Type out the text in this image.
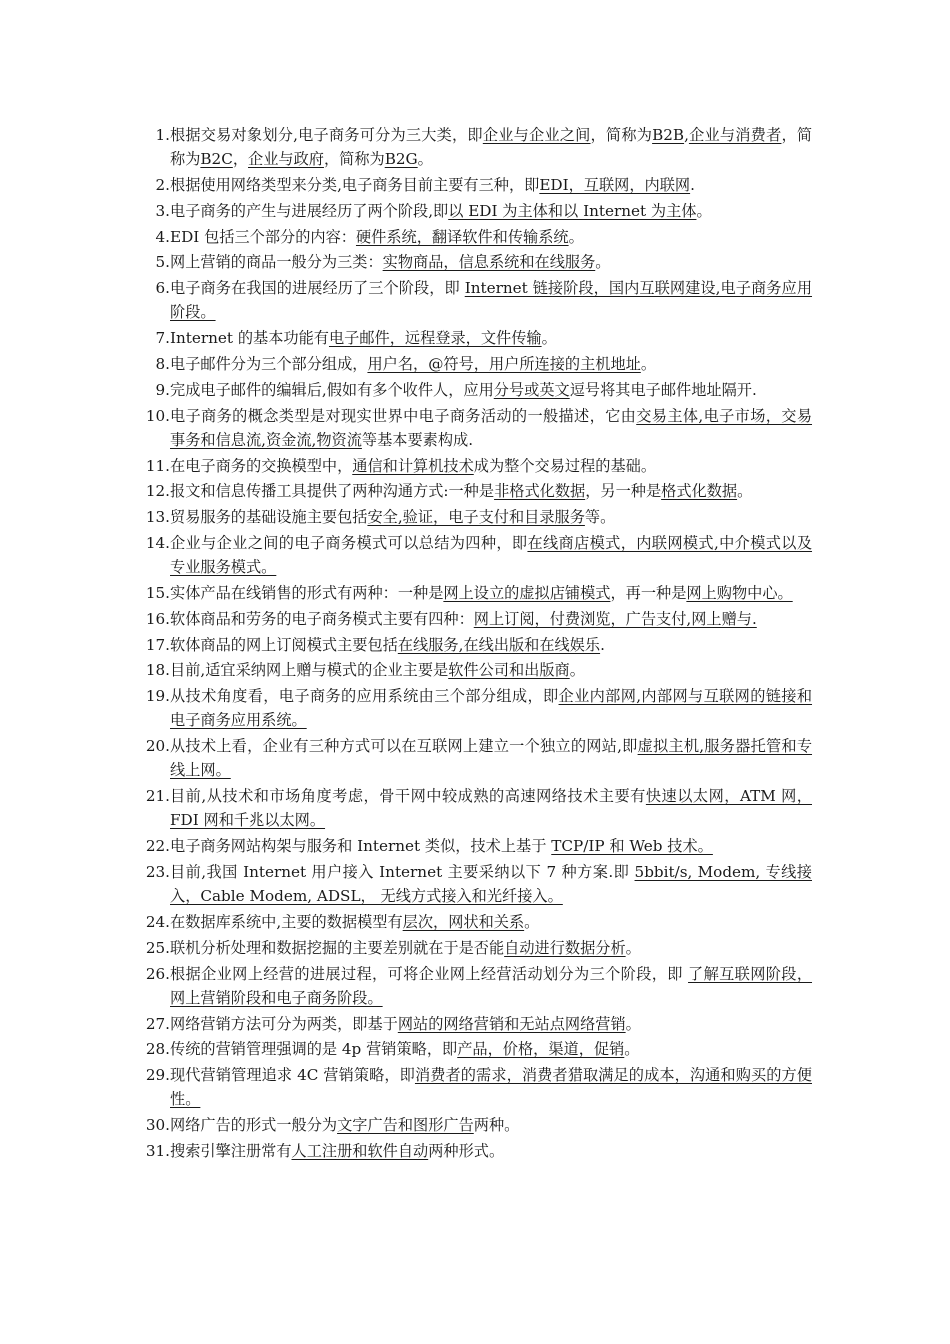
1. 根据交易对象划分,电子商务可分为三大类，即企业与企业之间，简称为B2B,企业与消费者，简称为B2C，企业与政府，简称为B2G。
2. 根据使用网络类型来分类,电子商务目前主要有三种，即EDI，互联网，内联网.
3. 电子商务的产生与进展经历了两个阶段,即以 EDI 为主体和以 Internet 为主体。
4. EDI 包括三个部分的内容：硬件系统，翻译软件和传输系统。
5. 网上营销的商品一般分为三类：实物商品，信息系统和在线服务。
6. 电子商务在我国的进展经历了三个阶段，即 Internet 链接阶段，国内互联网建设,电子商务应用阶段。
7. Internet 的基本功能有电子邮件，远程登录，文件传输。
8. 电子邮件分为三个部分组成，用户名，@符号，用户所连接的主机地址。
9. 完成电子邮件的编辑后,假如有多个收件人，应用分号或英文逗号将其电子邮件地址隔开.
10. 电子商务的概念类型是对现实世界中电子商务活动的一般描述，它由交易主体,电子市场，交易事务和信息流,资金流,物资流等基本要素构成.
11. 在电子商务的交换模型中，通信和计算机技术成为整个交易过程的基础。
12. 报文和信息传播工具提供了两种沟通方式:一种是非格式化数据，另一种是格式化数据。
13. 贸易服务的基础设施主要包括安全,验证，电子支付和目录服务等。
14. 企业与企业之间的电子商务模式可以总结为四种，即在线商店模式，内联网模式,中介模式以及专业服务模式。
15. 实体产品在线销售的形式有两种：一种是网上设立的虚拟店铺模式，再一种是网上购物中心。
16. 软体商品和劳务的电子商务模式主要有四种：网上订阅，付费浏览，广告支付,网上赠与.
17. 软体商品的网上订阅模式主要包括在线服务,在线出版和在线娱乐.
18. 目前,适宜采纳网上赠与模式的企业主要是软件公司和出版商。
19. 从技术角度看，电子商务的应用系统由三个部分组成，即企业内部网,内部网与互联网的链接和电子商务应用系统。
20. 从技术上看，企业有三种方式可以在互联网上建立一个独立的网站,即虚拟主机,服务器托管和专线上网。
21. 目前,从技术和市场角度考虑，骨干网中较成熟的高速网络技术主要有快速以太网，ATM 网，FDI 网和千兆以太网。
22. 电子商务网站构架与服务和 Internet 类似，技术上基于 TCP/IP 和 Web 技术。
23. 目前,我国 Internet 用户接入 Internet 主要采纳以下 7 种方案.即 5bbit/s, Modem, 专线接入，Cable Modem, ADSL， 无线方式接入和光纤接入。
24. 在数据库系统中,主要的数据模型有层次，网状和关系。
25. 联机分析处理和数据挖掘的主要差别就在于是否能自动进行数据分析。
26. 根据企业网上经营的进展过程，可将企业网上经营活动划分为三个阶段，即 了解互联网阶段，网上营销阶段和电子商务阶段。
27. 网络营销方法可分为两类，即基于网站的网络营销和无站点网络营销。
28. 传统的营销管理强调的是 4p 营销策略，即产品，价格，渠道，促销。
29. 现代营销管理追求 4C 营销策略，即消费者的需求，消费者猎取满足的成本，沟通和购买的方便性。
30. 网络广告的形式一般分为文字广告和图形广告两种。
31. 搜索引擎注册常有人工注册和软件自动两种形式。
